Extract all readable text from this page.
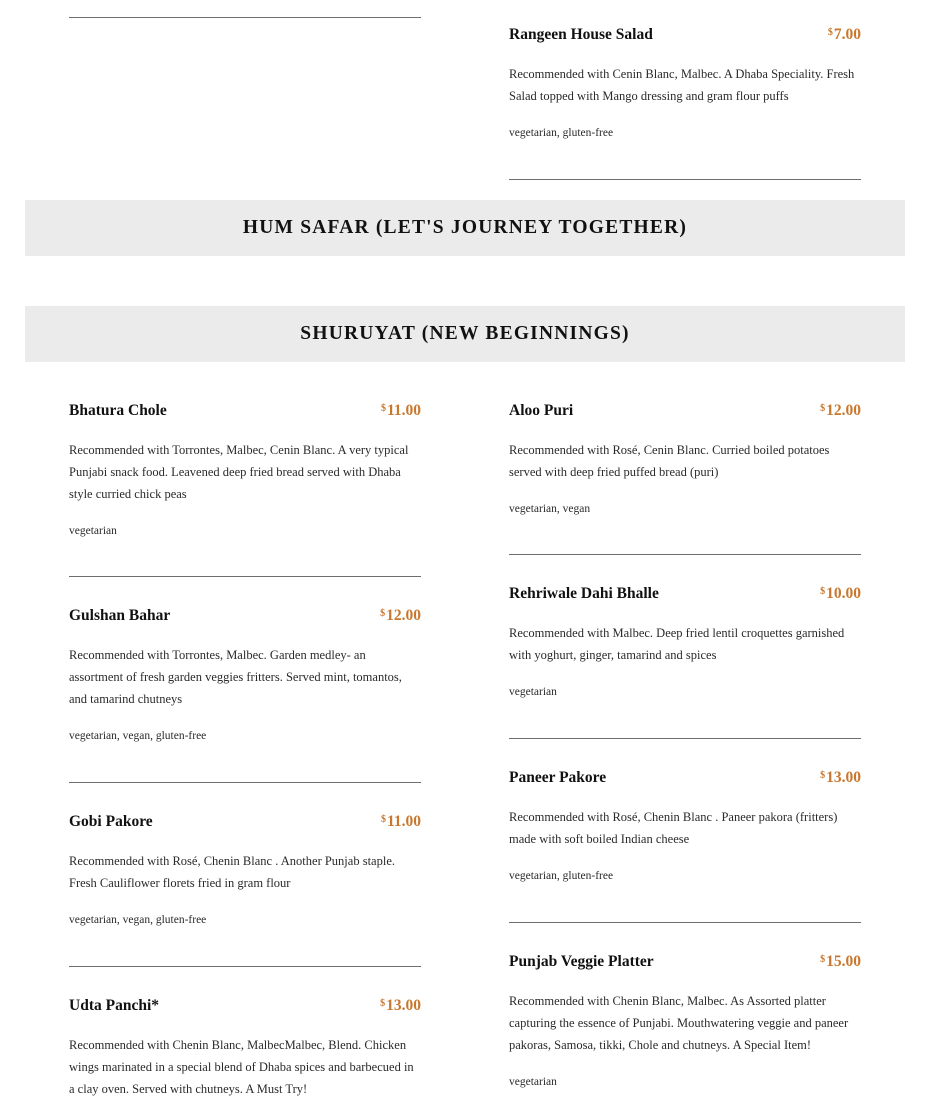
Rangeen House Salad	$7.00
Recommended with Cenin Blanc, Malbec. A Dhaba Speciality. Fresh Salad topped with Mango dressing and gram flour puffs
vegetarian, gluten-free
HUM SAFAR (LET'S JOURNEY TOGETHER)
SHURUYAT (NEW BEGINNINGS)
Bhatura Chole	$11.00
Recommended with Torrontes, Malbec, Cenin Blanc. A very typical Punjabi snack food. Leavened deep fried bread served with Dhaba style curried chick peas
vegetarian
Gulshan Bahar	$12.00
Recommended with Torrontes, Malbec. Garden medley- an assortment of fresh garden veggies fritters. Served mint, tomantos, and tamarind chutneys
vegetarian, vegan, gluten-free
Gobi Pakore	$11.00
Recommended with Rosé, Chenin Blanc . Another Punjab staple. Fresh Cauliflower florets fried in gram flour
vegetarian, vegan, gluten-free
Udta Panchi*	$13.00
Recommended with Chenin Blanc, MalbecMalbec, Blend. Chicken wings marinated in a special blend of Dhaba spices and barbecued in a clay oven. Served with chutneys. A Must Try!
Aloo Puri	$12.00
Recommended with Rosé, Cenin Blanc. Curried boiled potatoes served with deep fried puffed bread (puri)
vegetarian, vegan
Rehriwale Dahi Bhalle	$10.00
Recommended with Malbec. Deep fried lentil croquettes garnished with yoghurt, ginger, tamarind and spices
vegetarian
Paneer Pakore	$13.00
Recommended with Rosé, Chenin Blanc . Paneer pakora (fritters) made with soft boiled Indian cheese
vegetarian, gluten-free
Punjab Veggie Platter	$15.00
Recommended with Chenin Blanc, Malbec. As Assorted platter capturing the essence of Punjabi. Mouthwatering veggie and paneer pakoras, Samosa, tikki, Chole and chutneys. A Special Item!
vegetarian
